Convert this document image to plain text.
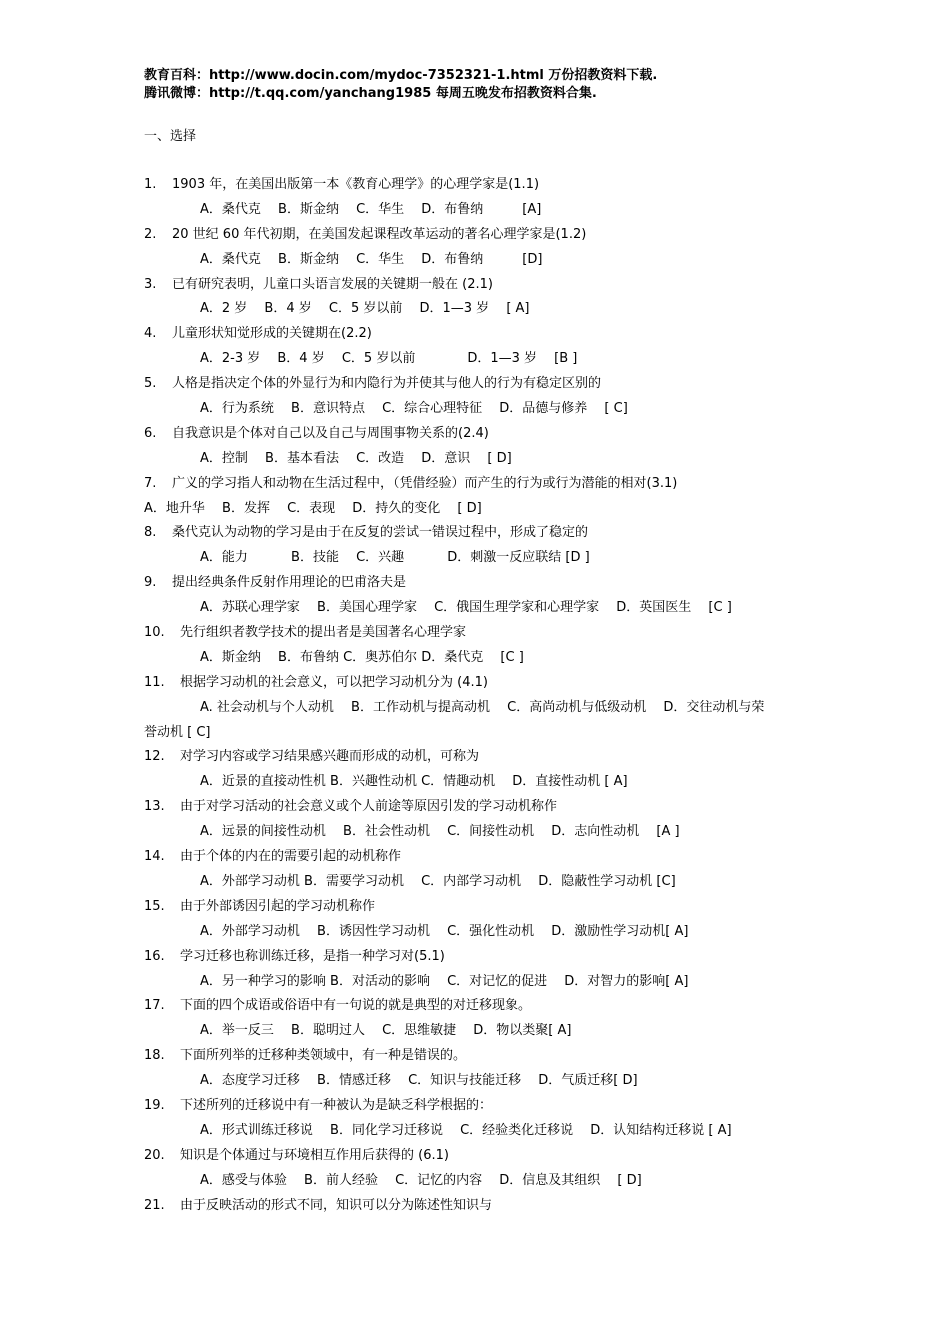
教育百科：http://www.docin.com/mydoc-7352321-1.html 万份招教资料下载.
腾讯微博：http://t.qq.com/yanchang1985 每周五晚发布招教资料合集.
一、选择
1. 1903 年，在美国出版第一本《教育心理学》的心理学家是(1.1)
A．桑代克　 B．斯金纳　 C．华生　 D．布鲁纳　　　[A]
2. 20 世纪 60 年代初期，在美国发起课程改革运动的著名心理学家是(1.2)
A．桑代克　 B．斯金纳　 C．华生　 D．布鲁纳　　　[D]
3. 已有研究表明，儿童口头语言发展的关键期一般在 (2.1)
A．2 岁　 B．4 岁　 C．5 岁以前　 D．1—3 岁　 [ A]
4. 儿童形状知觉形成的关键期在(2.2)
A．2-3 岁　 B．4 岁　 C．5 岁以前　　　　D．1—3 岁　 [B ]
5. 人格是指决定个体的外显行为和内隐行为并使其与他人的行为有稳定区别的
A．行为系统　 B．意识特点　 C．综合心理特征　 D．品德与修养　 [ C]
6. 自我意识是个体对自己以及自己与周围事物关系的(2.4)
A．控制　 B．基本看法　 C．改造　 D．意识　 [ D]
7. 广义的学习指人和动物在生活过程中，（凭借经验）而产生的行为或行为潜能的相对(3.1)
A．地升华　 B．发挥　 C．表现　 D．持久的变化　 [ D]
8. 桑代克认为动物的学习是由于在反复的尝试一错误过程中，形成了稳定的
A．能力　　　 B．技能　 C．兴趣　　　 D．刺激一反应联结 [D ]
9. 提出经典条件反射作用理论的巴甫洛夫是
A．苏联心理学家　 B．美国心理学家　 C．俄国生理学家和心理学家　 D．英国医生　 [C ]
10. 先行组织者教学技术的提出者是美国著名心理学家
A．斯金纳　 B．布鲁纳 C．奥苏伯尔 D．桑代克　 [C ]
11. 根据学习动机的社会意义，可以把学习动机分为 (4.1)
A. 社会动机与个人动机　 B．工作动机与提高动机　 C．高尚动机与低级动机　 D．交往动机与荣
誉动机 [ C]
12. 对学习内容或学习结果感兴趣而形成的动机，可称为
A．近景的直接动性机 B．兴趣性动机 C．情趣动机　 D．直接性动机 [ A]
13. 由于对学习活动的社会意义或个人前途等原因引发的学习动机称作
A．远景的间接性动机　 B．社会性动机　 C．间接性动机　 D．志向性动机　 [A ]
14. 由于个体的内在的需要引起的动机称作
A．外部学习动机 B．需要学习动机　 C．内部学习动机　 D．隐蔽性学习动机 [C]
15. 由于外部诱因引起的学习动机称作
A．外部学习动机　 B．诱因性学习动机　 C．强化性动机　 D．激励性学习动机[ A]
16. 学习迁移也称训练迁移，是指一种学习对(5.1)
A．另一种学习的影响 B．对活动的影响　 C．对记忆的促进　 D．对智力的影响[ A]
17. 下面的四个成语或俗语中有一句说的就是典型的对迁移现象。
A．举一反三　 B．聪明过人　 C．思维敏捷　 D．物以类聚[ A]
18. 下面所列举的迁移种类领域中，有一种是错误的。
A．态度学习迁移　 B．情感迁移　 C．知识与技能迁移　 D．气质迁移[ D]
19. 下述所列的迁移说中有一种被认为是缺乏科学根据的：
A．形式训练迁移说　 B．同化学习迁移说　 C．经验类化迁移说　 D．认知结构迁移说 [ A]
20. 知识是个体通过与环境相互作用后获得的 (6.1)
A．感受与体验　 B．前人经验　 C．记忆的内容　 D．信息及其组织　 [ D]
21. 由于反映活动的形式不同，知识可以分为陈述性知识与
